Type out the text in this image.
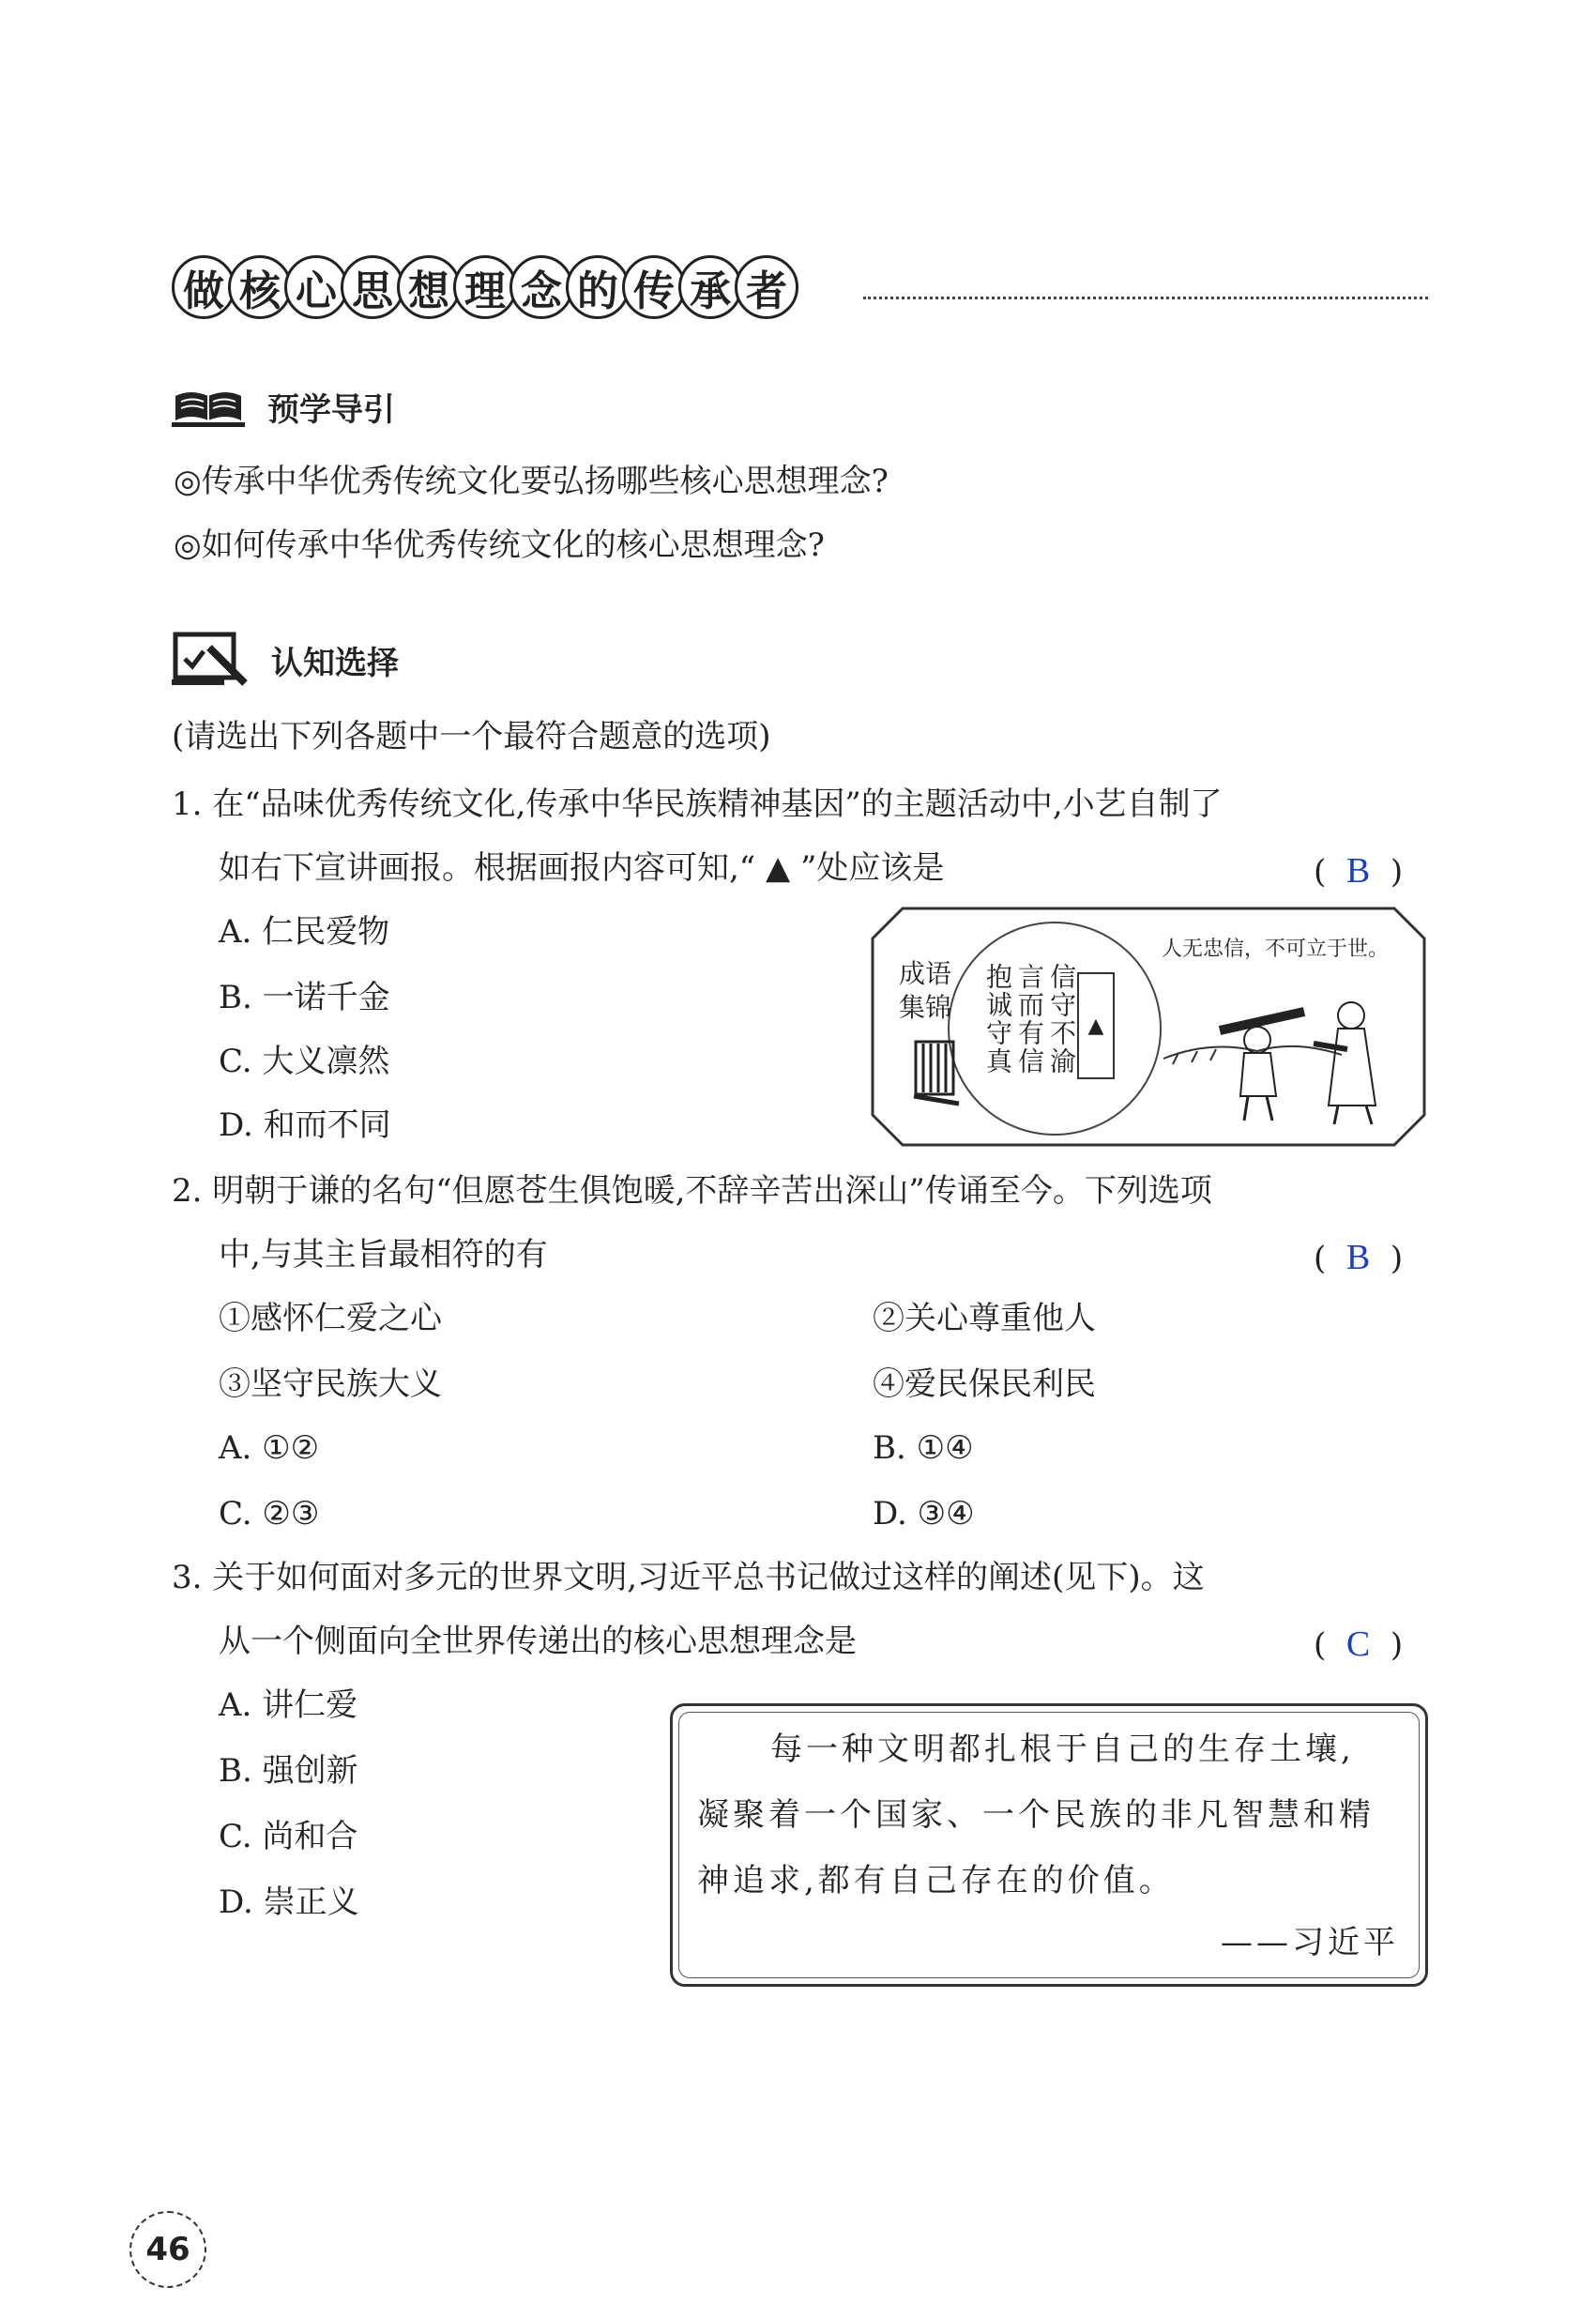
做 核 心 思 想 理 念 的 传 承 者
预学导引
◎传承中华优秀传统文化要弘扬哪些核心思想理念?
◎如何传承中华优秀传统文化的核心思想理念?
认知选择
(请选出下列各题中一个最符合题意的选项)
1. 在“品味优秀传统文化,传承中华民族精神基因”的主题活动中,小艺自制了
如右下宣讲画报。根据画报内容可知,“ ▲ ”处应该是	(  B  )
A. 仁民爱物
B. 一诺千金
C. 大义凛然
D. 和而不同
成语
集锦 抱诚守真 言而有信 信守不渝 ▲
人无忠信，不可立于世。
2. 明朝于谦的名句“但愿苍生俱饱暖,不辞辛苦出深山”传诵至今。下列选项
中,与其主旨最相符的有	(  B  )
①感怀仁爱之心	②关心尊重他人
③坚守民族大义	④爱民保民利民
A. ①②	B. ①④
C. ②③	D. ③④
3. 关于如何面对多元的世界文明,习近平总书记做过这样的阐述(见下)。这
从一个侧面向全世界传递出的核心思想理念是	(  C  )
A. 讲仁爱
B. 强创新
C. 尚和合
D. 崇正义
每一种文明都扎根于自己的生存土壤,
凝聚着一个国家、一个民族的非凡智慧和精
神追求,都有自己存在的价值。
——习近平
46
